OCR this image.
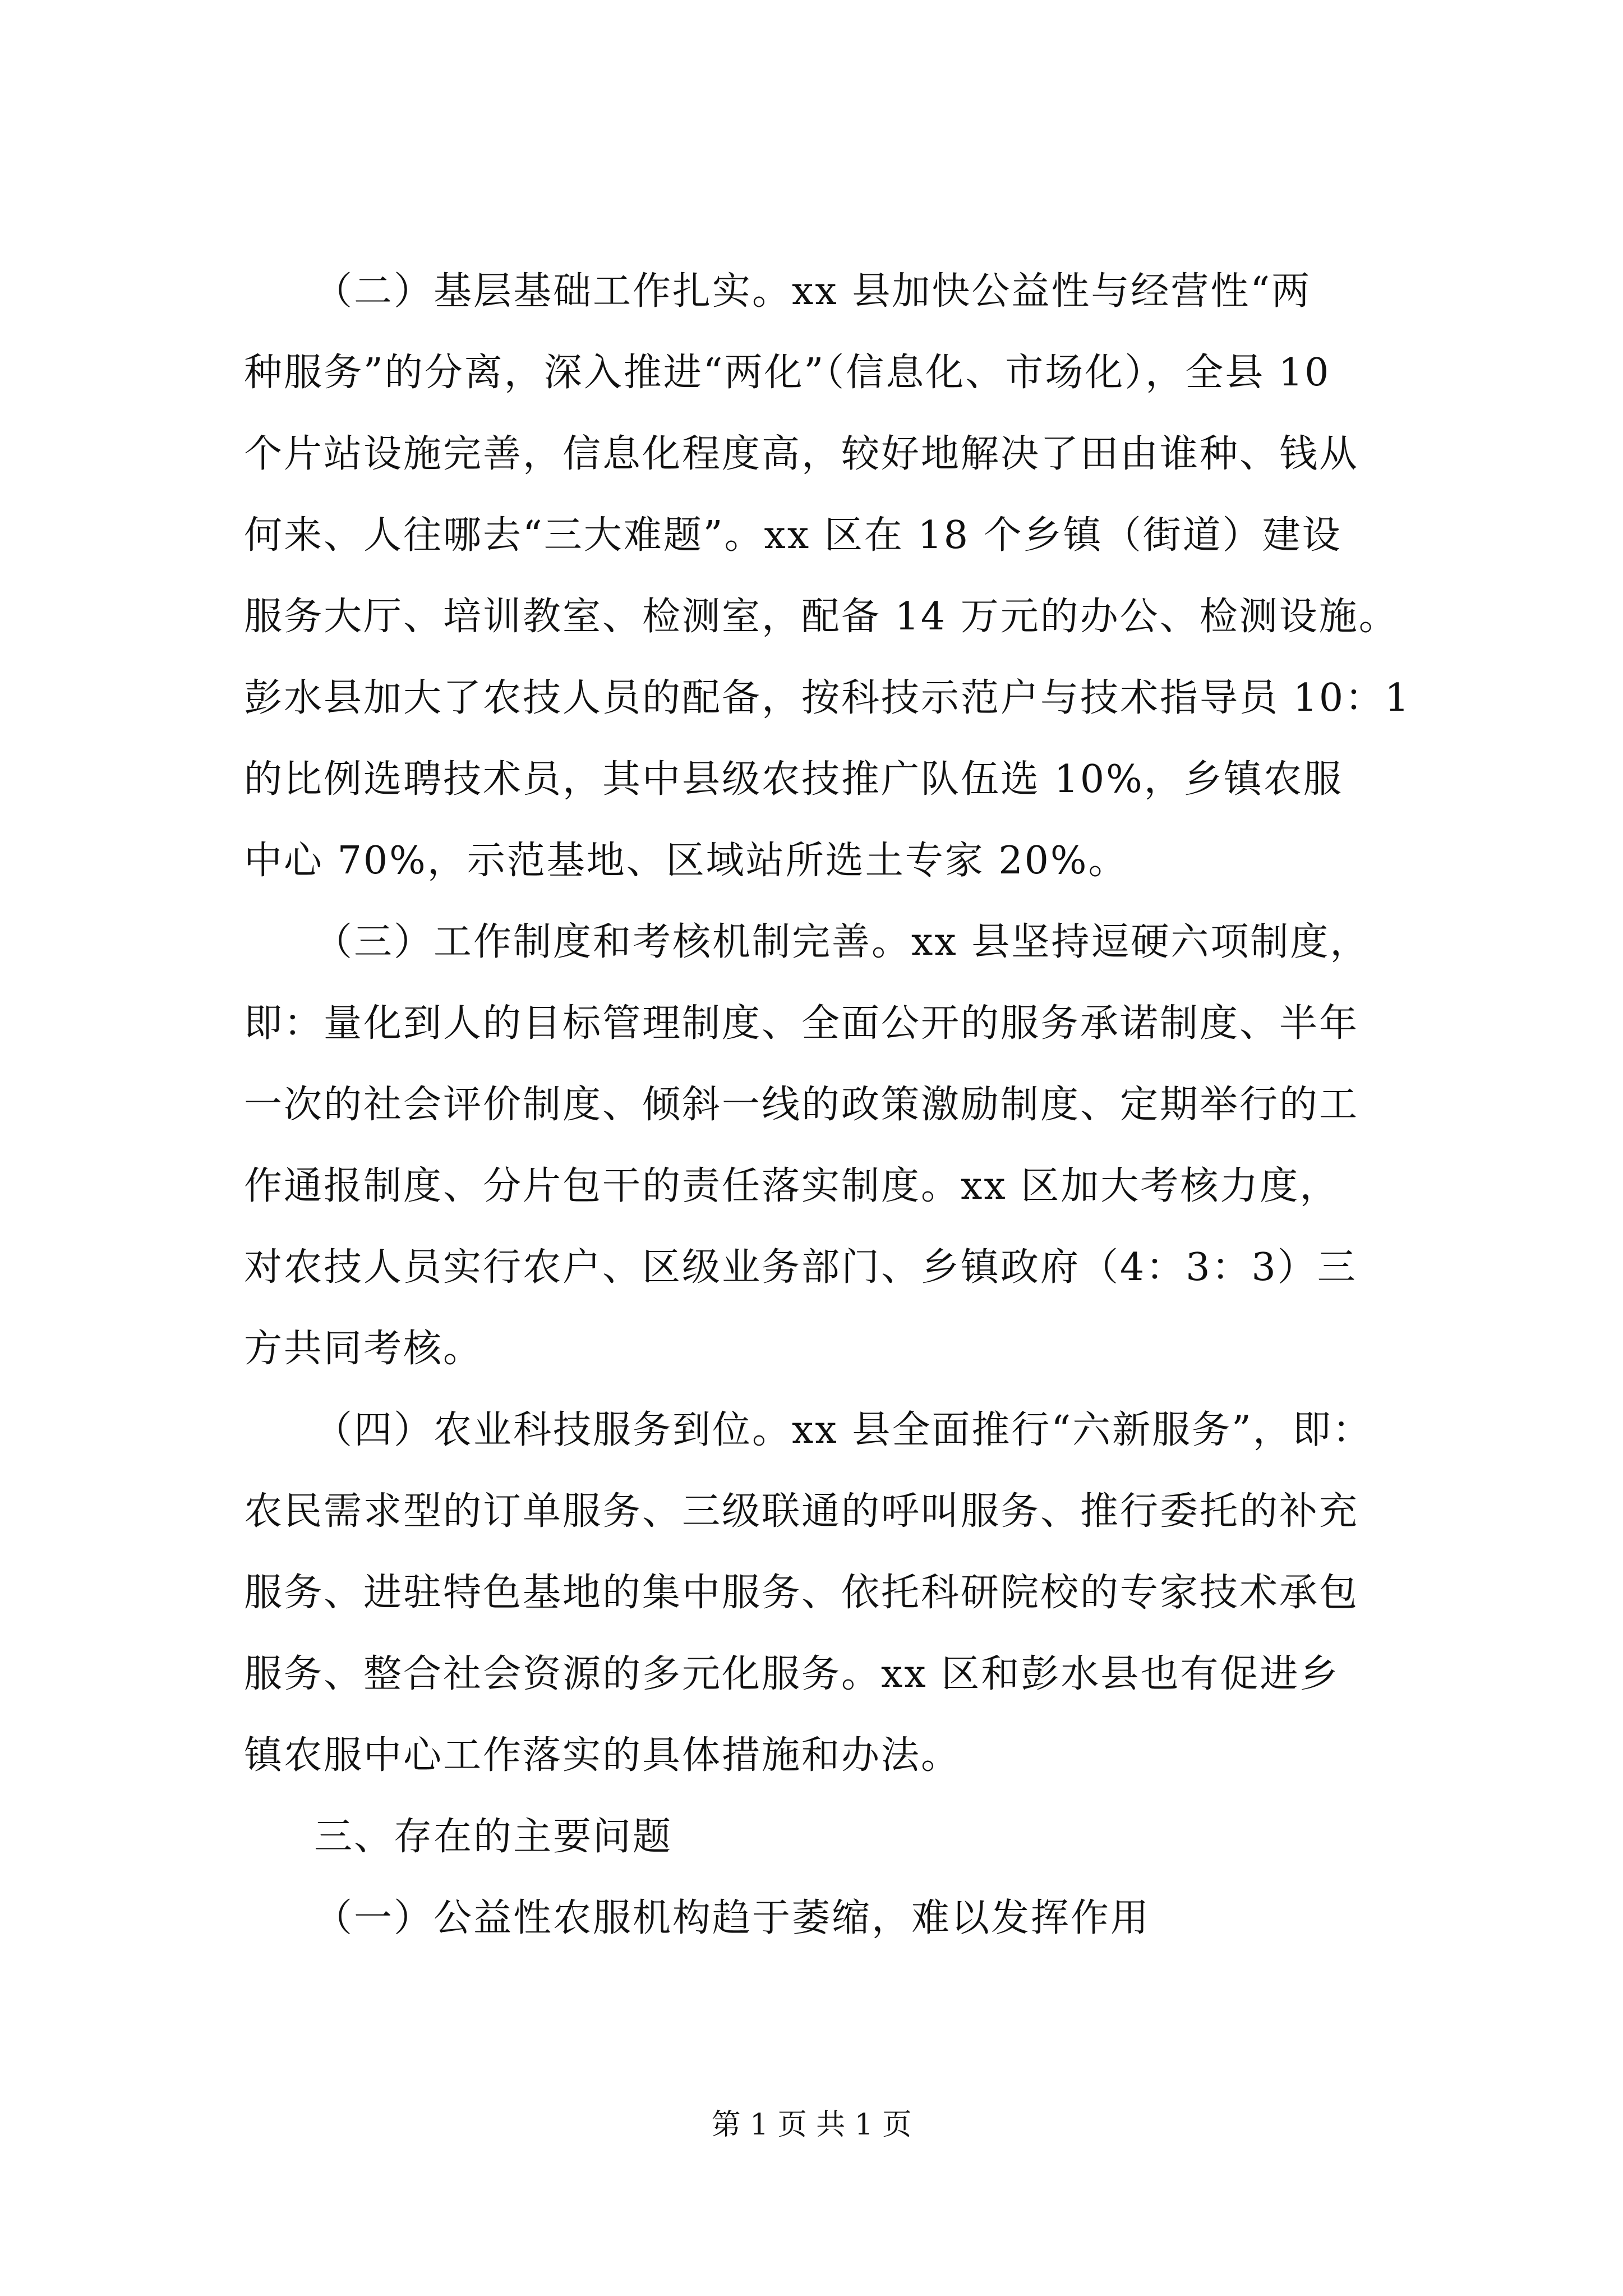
（二）基层基础工作扎实。xx 县加快公益性与经营性“两
种服务”的分离，深入推进“两化”（信息化、市场化），全县 10
个片站设施完善，信息化程度高，较好地解决了田由谁种、钱从
何来、人往哪去“三大难题”。xx 区在 18 个乡镇（街道）建设
服务大厅、培训教室、检测室，配备 14 万元的办公、检测设施。
彭水县加大了农技人员的配备，按科技示范户与技术指导员 10：1
的比例选聘技术员，其中县级农技推广队伍选 10%，乡镇农服
中心 70%，示范基地、区域站所选土专家 20%。
（三）工作制度和考核机制完善。xx 县坚持逗硬六项制度，
即：量化到人的目标管理制度、全面公开的服务承诺制度、半年
一次的社会评价制度、倾斜一线的政策激励制度、定期举行的工
作通报制度、分片包干的责任落实制度。xx 区加大考核力度，
对农技人员实行农户、区级业务部门、乡镇政府（4：3：3）三
方共同考核。
（四）农业科技服务到位。xx 县全面推行“六新服务”，即：
农民需求型的订单服务、三级联通的呼叫服务、推行委托的补充
服务、进驻特色基地的集中服务、依托科研院校的专家技术承包
服务、整合社会资源的多元化服务。xx 区和彭水县也有促进乡
镇农服中心工作落实的具体措施和办法。
三、存在的主要问题
（一）公益性农服机构趋于萎缩，难以发挥作用
第 1 页 共 1 页
